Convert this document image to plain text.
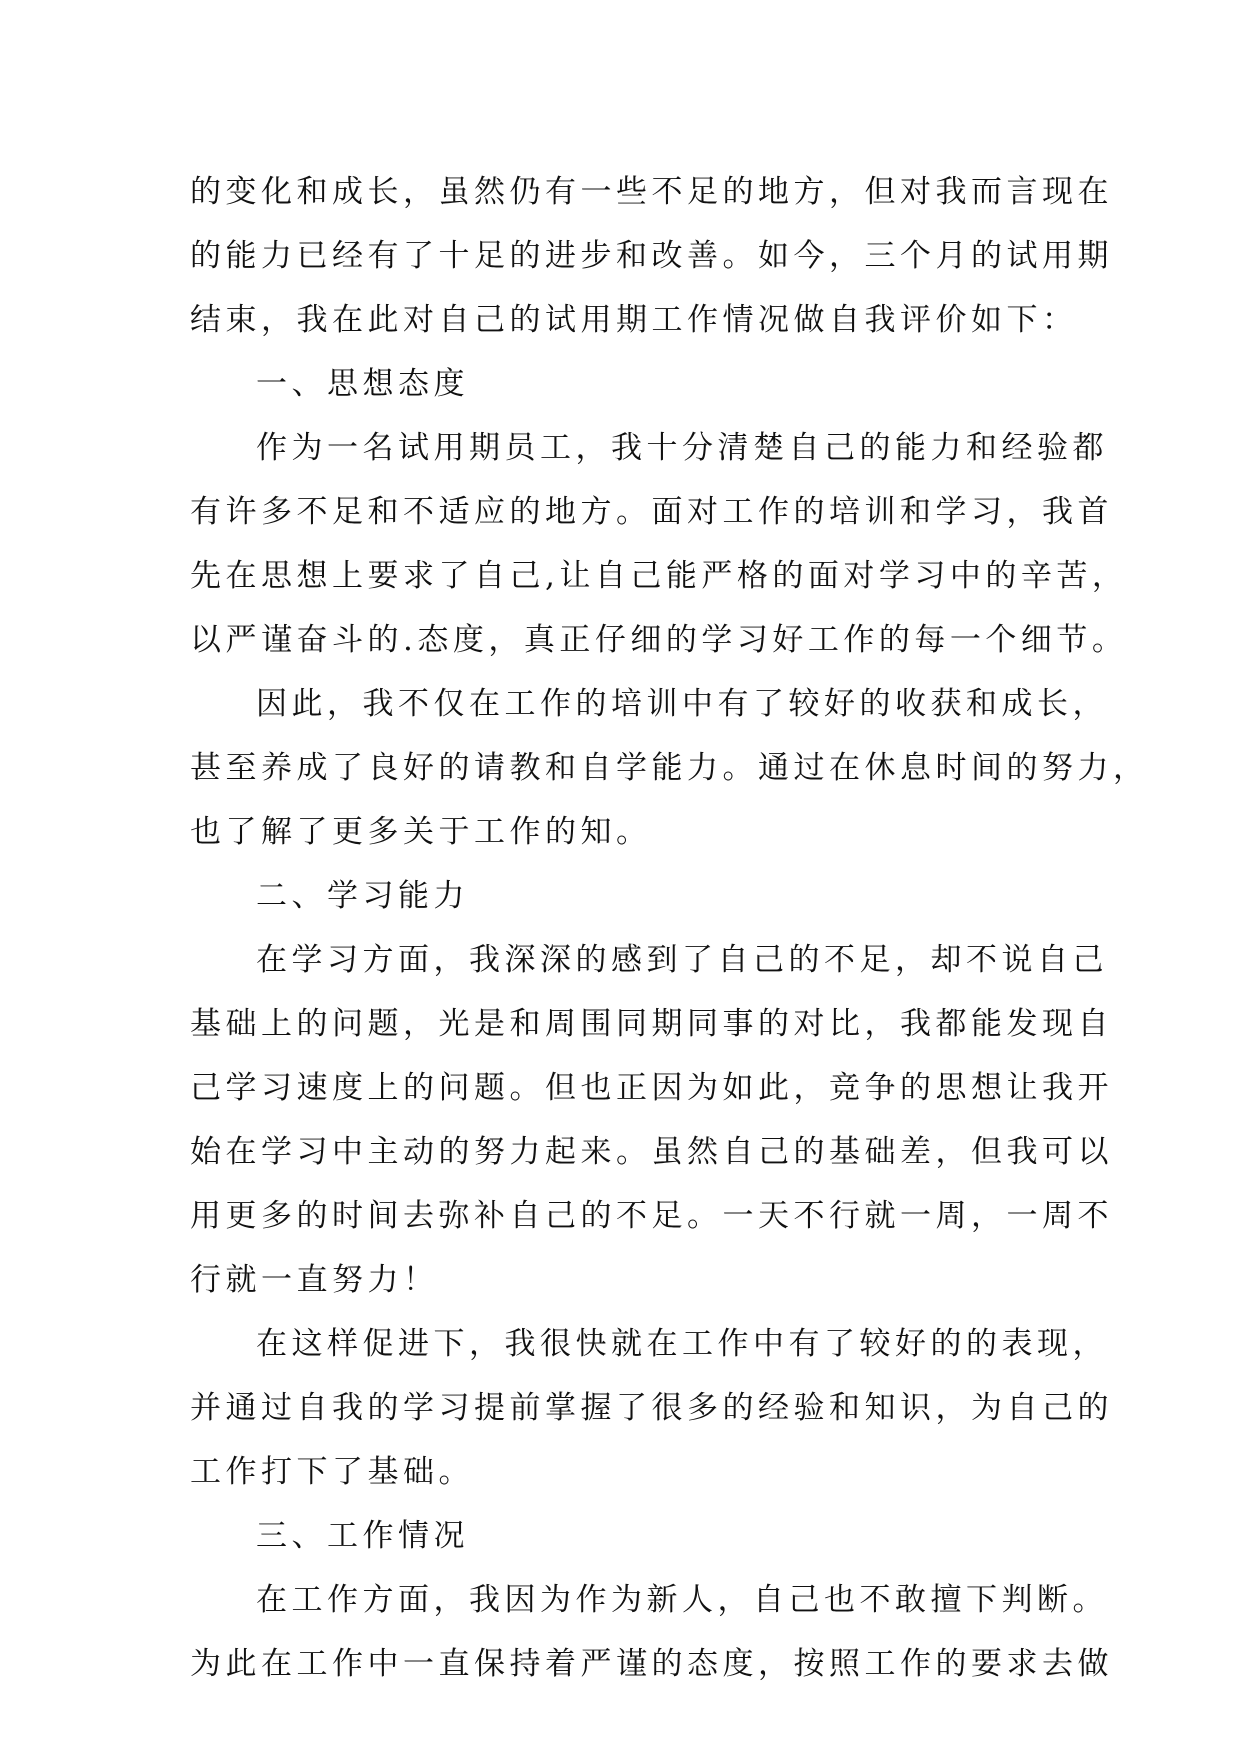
的变化和成长，虽然仍有一些不足的地方，但对我而言现在
的能力已经有了十足的进步和改善。如今，三个月的试用期
结束，我在此对自己的试用期工作情况做自我评价如下：
一、思想态度
作为一名试用期员工，我十分清楚自己的能力和经验都
有许多不足和不适应的地方。面对工作的培训和学习，我首
先在思想上要求了自己,让自己能严格的面对学习中的辛苦，
以严谨奋斗的.态度，真正仔细的学习好工作的每一个细节。
因此，我不仅在工作的培训中有了较好的收获和成长，
甚至养成了良好的请教和自学能力。通过在休息时间的努力，
也了解了更多关于工作的知。
二、学习能力
在学习方面，我深深的感到了自己的不足，却不说自己
基础上的问题，光是和周围同期同事的对比，我都能发现自
己学习速度上的问题。但也正因为如此，竞争的思想让我开
始在学习中主动的努力起来。虽然自己的基础差，但我可以
用更多的时间去弥补自己的不足。一天不行就一周，一周不
行就一直努力！
在这样促进下，我很快就在工作中有了较好的的表现，
并通过自我的学习提前掌握了很多的经验和知识，为自己的
工作打下了基础。
三、工作情况
在工作方面，我因为作为新人，自己也不敢擅下判断。
为此在工作中一直保持着严谨的态度，按照工作的要求去做
